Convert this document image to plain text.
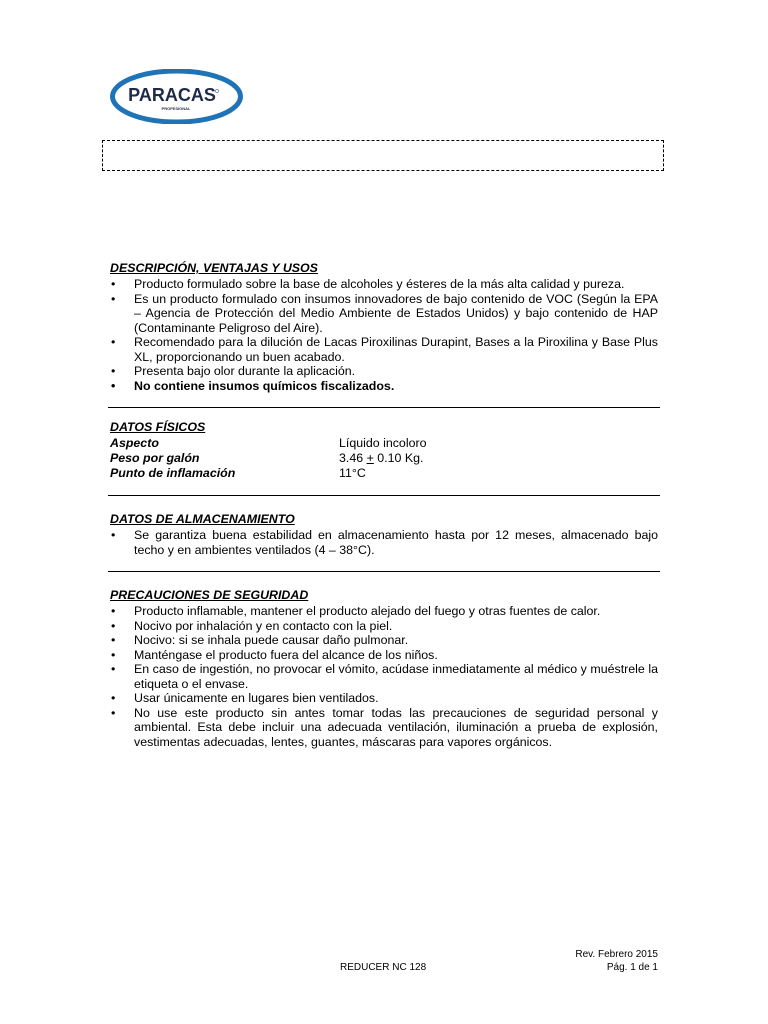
PARACAS
PROFESIONAL
DESCRIPCIÓN, VENTAJAS Y USOS
• Producto formulado sobre la base de alcoholes y ésteres de la más alta calidad y pureza.
• Es un producto formulado con insumos innovadores de bajo contenido de VOC (Según la EPA – Agencia de Protección del Medio Ambiente de Estados Unidos) y bajo contenido de HAP (Contaminante Peligroso del Aire).
• Recomendado para la dilución de Lacas Piroxilinas Durapint, Bases a la Piroxilina y Base Plus XL, proporcionando un buen acabado.
• Presenta bajo olor durante la aplicación.
• No contiene insumos químicos fiscalizados.
DATOS FÍSICOS
Aspecto	Líquido incoloro
Peso por galón	3.46 + 0.10 Kg.
Punto de inflamación	11°C
DATOS DE ALMACENAMIENTO
• Se garantiza buena estabilidad en almacenamiento hasta por 12 meses, almacenado bajo techo y en ambientes ventilados (4 – 38°C).
PRECAUCIONES DE SEGURIDAD
• Producto inflamable, mantener el producto alejado del fuego y otras fuentes de calor.
• Nocivo por inhalación y en contacto con la piel.
• Nocivo: si se inhala puede causar daño pulmonar.
• Manténgase el producto fuera del alcance de los niños.
• En caso de ingestión, no provocar el vómito, acúdase inmediatamente al médico y muéstrele la etiqueta o el envase.
• Usar únicamente en lugares bien ventilados.
• No use este producto sin antes tomar todas las precauciones de seguridad personal y ambiental. Esta debe incluir una adecuada ventilación, iluminación a prueba de explosión, vestimentas adecuadas, lentes, guantes, máscaras para vapores orgánicos.
Rev. Febrero 2015
Pág. 1 de 1
REDUCER NC 128
